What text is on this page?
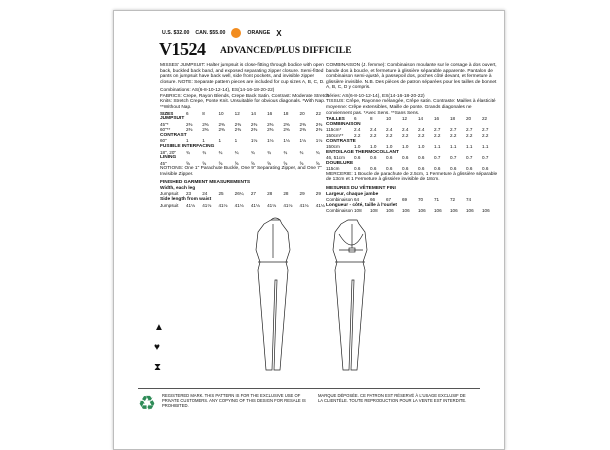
U.S. $32.00 CAN. $55.00	ORANGE X
V1524 ADVANCED/PLUS DIFFICILE
MISSES' JUMPSUIT: Halter jumpsuit is close-fitting through bodice with open back, buckled back band, and exposed separating zipper closure. Semi-fitted pants on jumpsuit have back well, side front pockets, and invisible zipper closure. NOTE: Separate pattern pieces are included for cup sizes A, B, C, D.
Combinations: AS(6-8-10-12-14), ES(14-16-18-20-22)
FABRICS: Crepe, Rayon Blends, Crepe Back Satin. Contrast: Moderate Stretch Knits: Stretch Crepe, Ponte Knit. Unsuitable for obvious diagonals. *With Nap. **Without Nap.
SIZES	6	8	10	12	14	16	18	20	22
JUMPSUIT
45"*	2⅜	2⅜	2⅜	2⅜	2⅜	2⅜	2⅜	2⅜	2⅜
60"**	2⅜	2⅜	2⅜	2⅜	2⅜	2⅜	2⅜	2⅜	2⅜
CONTRAST
60"	1	1	1	1	1⅛	1⅛	1⅛	1⅛	1⅛
FUSIBLE INTERFACING
18", 20"	¾	¾	¾	¾	¾	¾	¾	¾	¾
LINING
45"	⅝	⅝	⅝	⅝	⅝	⅝	⅝	⅝	⅝
NOTIONS: One 1" Parachute Buckle, One 9" Separating Zipper, and One 7" Invisible Zipper.
FINISHED GARMENT MEASUREMENTS
Width, each leg
Jumpsuit	23	24	25	26¼	27	28	28	29	29
Side length from waist
Jumpsuit	41⅛	41⅛	41⅛	41⅛	41⅛	41⅛	41⅛	41⅛	41⅛
COMBINAISON (J. femme): Combinaison moulante sur le corsage à dos ouvert, bande dos à boucle, et fermeture à glissière séparable apparente. Pantalon de combinaison semi-ajusté, à passepoil dos, poches côté devant, et fermeture à glissière invisible. N.B. Des pièces de patron séparées pour les tailles de bonnet A, B, C, D y compris.
Séries: AS(6-8-10-12-14), ES(14-16-18-20-22)
TISSUS: Crêpe, Rayonne mélangée, Crêpe satin. Contraste: Mailles à élasticité moyenne: Crêpe extensibles, Maille de ponte. Grands diagonales ne conviennent pas. *Avec Sens. **Sans Sens.
TAILLES	6	8	10	12	14	16	18	20	22
COMBINAISON
115cm*	2.4	2.4	2.4	2.4	2.4	2.7	2.7	2.7	2.7
150cm**	2.2	2.2	2.2	2.2	2.2	2.2	2.2	2.2	2.2
CONTRASTE
150cm	1.0	1.0	1.0	1.0	1.0	1.1	1.1	1.1	1.1
ENTOILAGE THERMOCOLLANT
46, 51cm	0.6	0.6	0.6	0.6	0.6	0.7	0.7	0.7	0.7
DOUBLURE
115cm	0.6	0.6	0.6	0.6	0.6	0.6	0.6	0.6	0.6
MERCERIE: 1 Boucle de parachute de 2.5cm, 1 Fermeture à glissière séparable de 13cm et 1 Fermeture à glissière invisible de 18cm.
MESURES DU VÊTEMENT FINI
Largeur, chaque jambe
Combinaison 64	66	67	69	70	71	72	74
Longueur - côté, taille à l'ourlet
Combinaison 108	108	106	106	106	106	106	106	106
▲
♥
⧗
♻ REGISTERED MARK. THIS PATTERN IS FOR THE EXCLUSIVE USE OF PRIVATE CUSTOMERS. ANY COPYING OF THIS DESIGN FOR RESALE IS PROHIBITED.
MARQUE DÉPOSÉE. CE PATRON EST RÉSERVÉ À L'USAGE EXCLUSIF DE LA CLIENTÈLE. TOUTE REPRODUCTION POUR LA VENTE EST INTERDITE.
